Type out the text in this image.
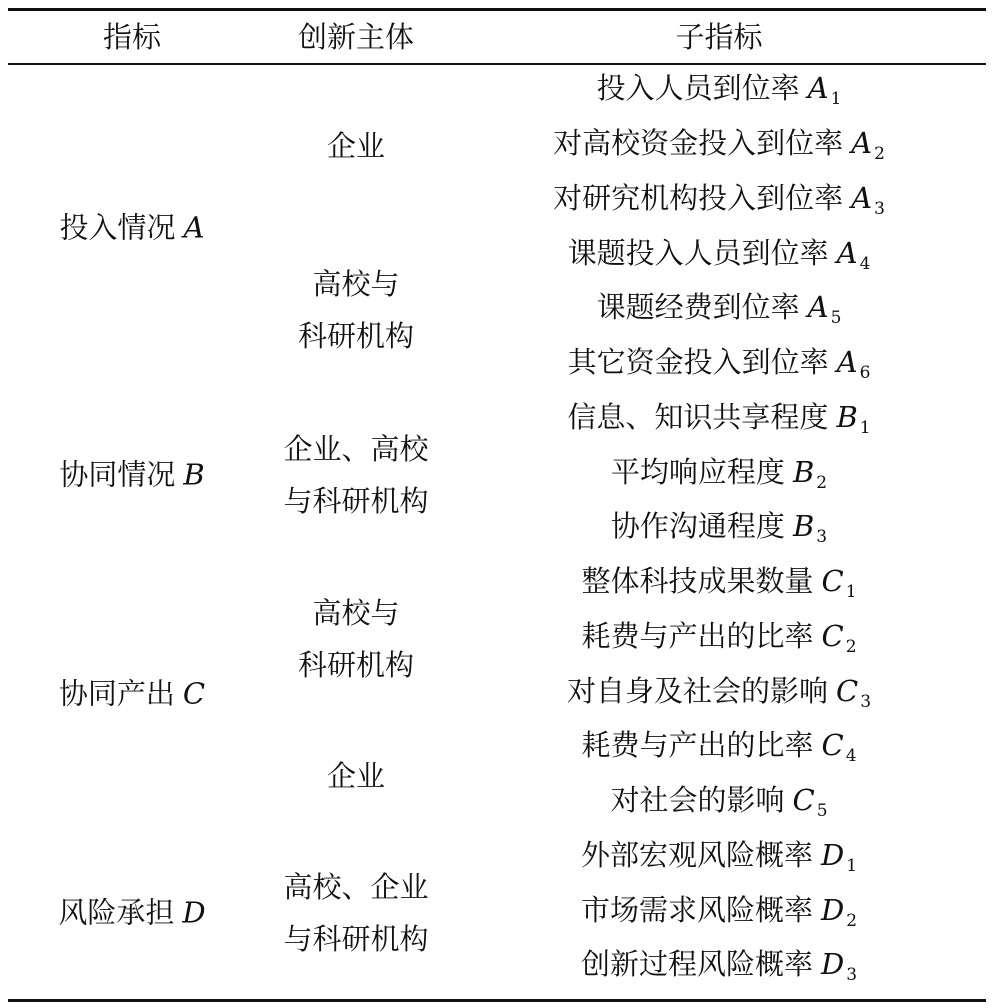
指标	创新主体	子指标
投入人员到位率 A $_1$
对高校资金投入到位率 A $_2$
对研究机构投入到位率 A $_3$
企业
课题投入人员到位率 A $_4$
课题经费到位率 A $_5$
其它资金投入到位率 A $_6$
高校与
科研机构
投入情况 A
信息、知识共享程度 B $_1$
平均响应程度 B $_2$
协作沟通程度 B $_3$
企业、高校
与科研机构
协同情况 B
整体科技成果数量 C $_1$
耗费与产出的比率 C $_2$
对自身及社会的影响 C $_3$
高校与
科研机构
耗费与产出的比率 C $_4$
对社会的影响 C $_5$
企业
协同产出 C
外部宏观风险概率 D $_1$
市场需求风险概率 D $_2$
创新过程风险概率 D $_3$
高校、企业
与科研机构
风险承担 D
